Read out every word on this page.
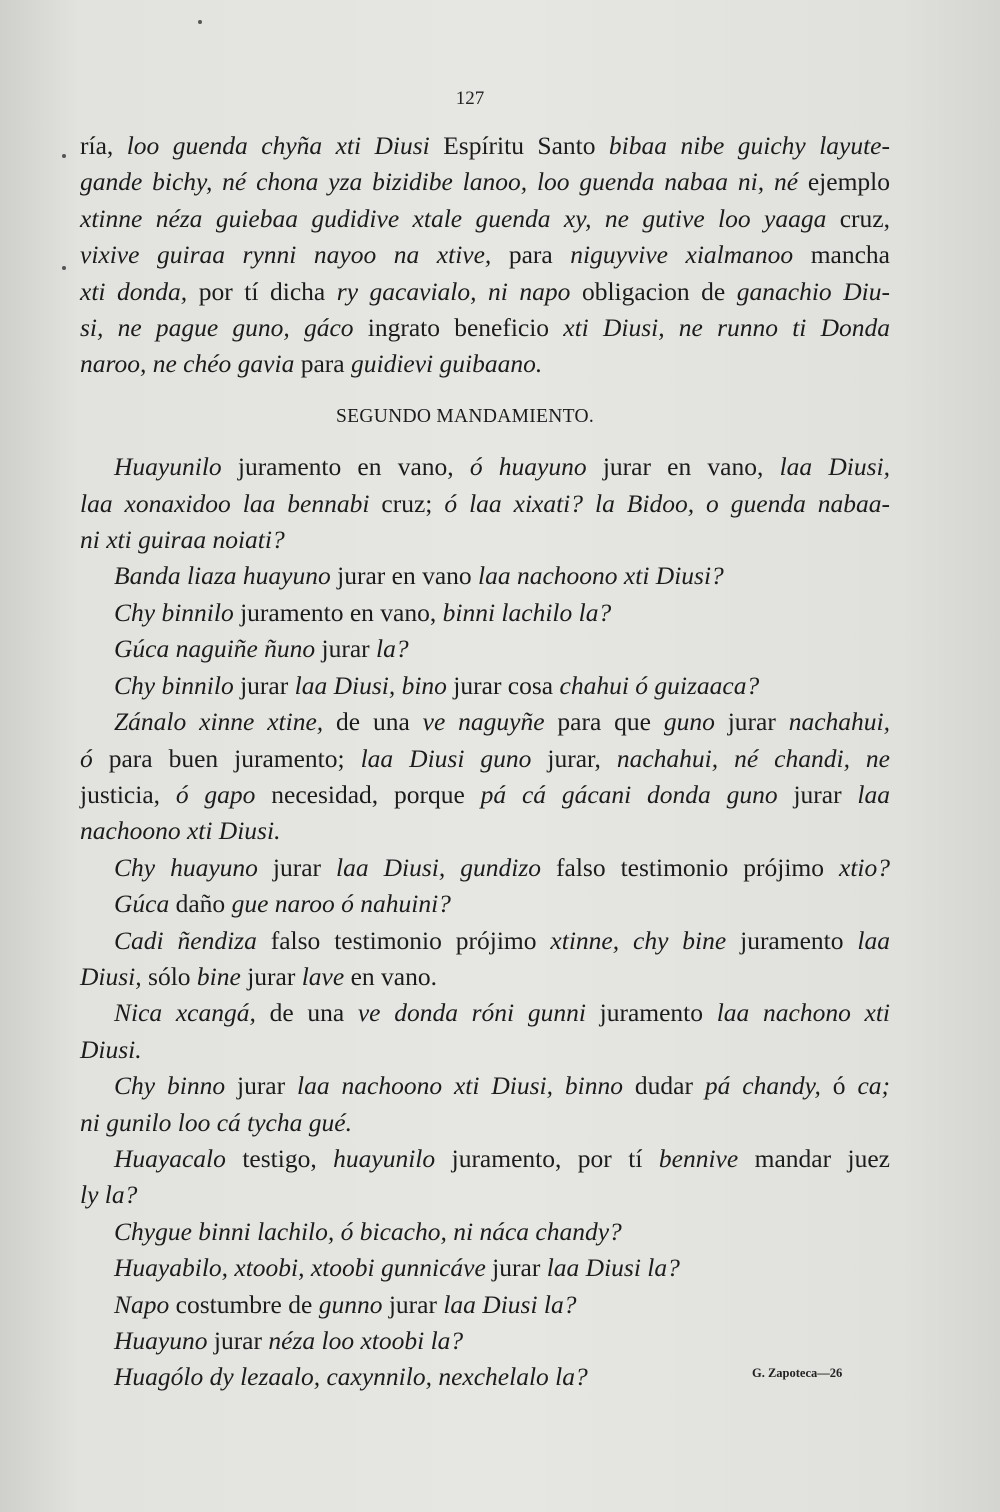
127
ría, loo guenda chyña xti Diusi Espíritu Santo bibaa nibe guichy layute-
gande bichy, né chona yza bizidibe lanoo, loo guenda nabaa ni, né ejemplo
xtinne néza guiebaa gudidive xtale guenda xy, ne gutive loo yaaga cruz,
vixive guiraa rynni nayoo na xtive, para niguyvive xialmanoo mancha
xti donda, por tí dicha ry gacavialo, ni napo obligacion de ganachio Diu-
si, ne pague guno, gáco ingrato beneficio xti Diusi, ne runno ti Donda
naroo, ne chéo gavia para guidievi guibaano.
SEGUNDO MANDAMIENTO.
Huayunilo juramento en vano, ó huayuno jurar en vano, laa Diusi,
laa xonaxidoo laa bennabi cruz; ó laa xixati? la Bidoo, o guenda nabaa-
ni xti guiraa noiati?
Banda liaza huayuno jurar en vano laa nachoono xti Diusi?
Chy binnilo juramento en vano, binni lachilo la?
Gúca naguiñe ñuno jurar la?
Chy binnilo jurar laa Diusi, bino jurar cosa chahui ó guizaaca?
Zánalo xinne xtine, de una ve naguyñe para que guno jurar nachahui,
ó para buen juramento; laa Diusi guno jurar, nachahui, né chandi, ne
justicia, ó gapo necesidad, porque pá cá gácani donda guno jurar laa
nachoono xti Diusi.
Chy huayuno jurar laa Diusi, gundizo falso testimonio prójimo xtio?
Gúca daño gue naroo ó nahuini?
Cadi ñendiza falso testimonio prójimo xtinne, chy bine juramento laa
Diusi, sólo bine jurar lave en vano.
Nica xcangá, de una ve donda róni gunni juramento laa nachono xti
Diusi.
Chy binno jurar laa nachoono xti Diusi, binno dudar pá chandy, ó ca;
ni gunilo loo cá tycha gué.
Huayacalo testigo, huayunilo juramento, por tí bennive mandar juez
ly la?
Chygue binni lachilo, ó bicacho, ni náca chandy?
Huayabilo, xtoobi, xtoobi gunnicáve jurar laa Diusi la?
Napo costumbre de gunno jurar laa Diusi la?
Huayuno jurar néza loo xtoobi la?
Huagólo dy lezaalo, caxynnilo, nexchelalo la?	G. Zapoteca—26
